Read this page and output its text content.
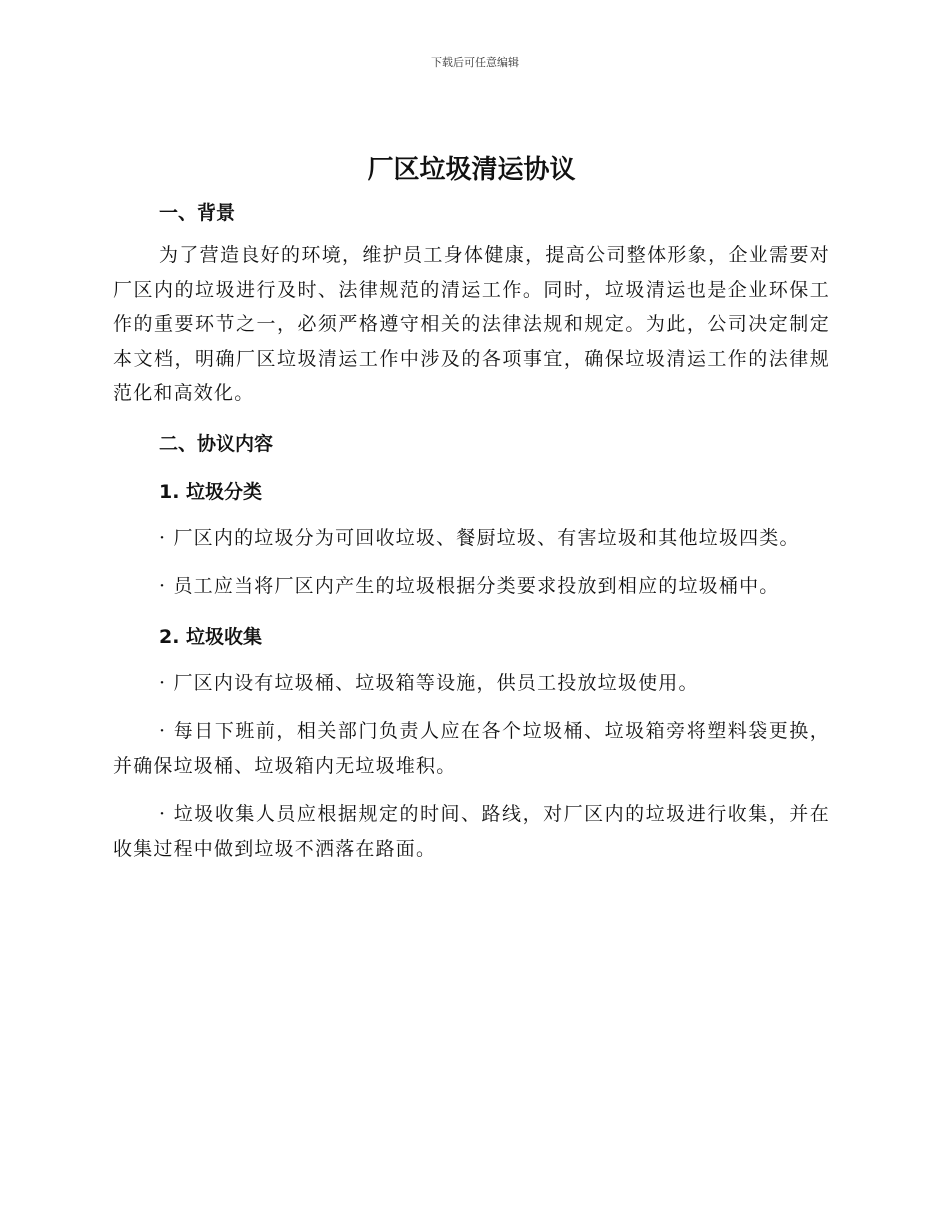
下载后可任意编辑
厂区垃圾清运协议
一、背景

为了营造良好的环境，维护员工身体健康，提高公司整体形象，企业需要对厂区内的垃圾进行及时、法律规范的清运工作。同时，垃圾清运也是企业环保工作的重要环节之一，必须严格遵守相关的法律法规和规定。为此，公司决定制定本文档，明确厂区垃圾清运工作中涉及的各项事宜，确保垃圾清运工作的法律规范化和高效化。

二、协议内容
1. 垃圾分类

· 厂区内的垃圾分为可回收垃圾、餐厨垃圾、有害垃圾和其他垃圾四类。

· 员工应当将厂区内产生的垃圾根据分类要求投放到相应的垃圾桶中。

2. 垃圾收集

· 厂区内设有垃圾桶、垃圾箱等设施，供员工投放垃圾使用。

· 每日下班前，相关部门负责人应在各个垃圾桶、垃圾箱旁将塑料袋更换，并确保垃圾桶、垃圾箱内无垃圾堆积。

· 垃圾收集人员应根据规定的时间、路线，对厂区内的垃圾进行收集，并在收集过程中做到垃圾不洒落在路面。
